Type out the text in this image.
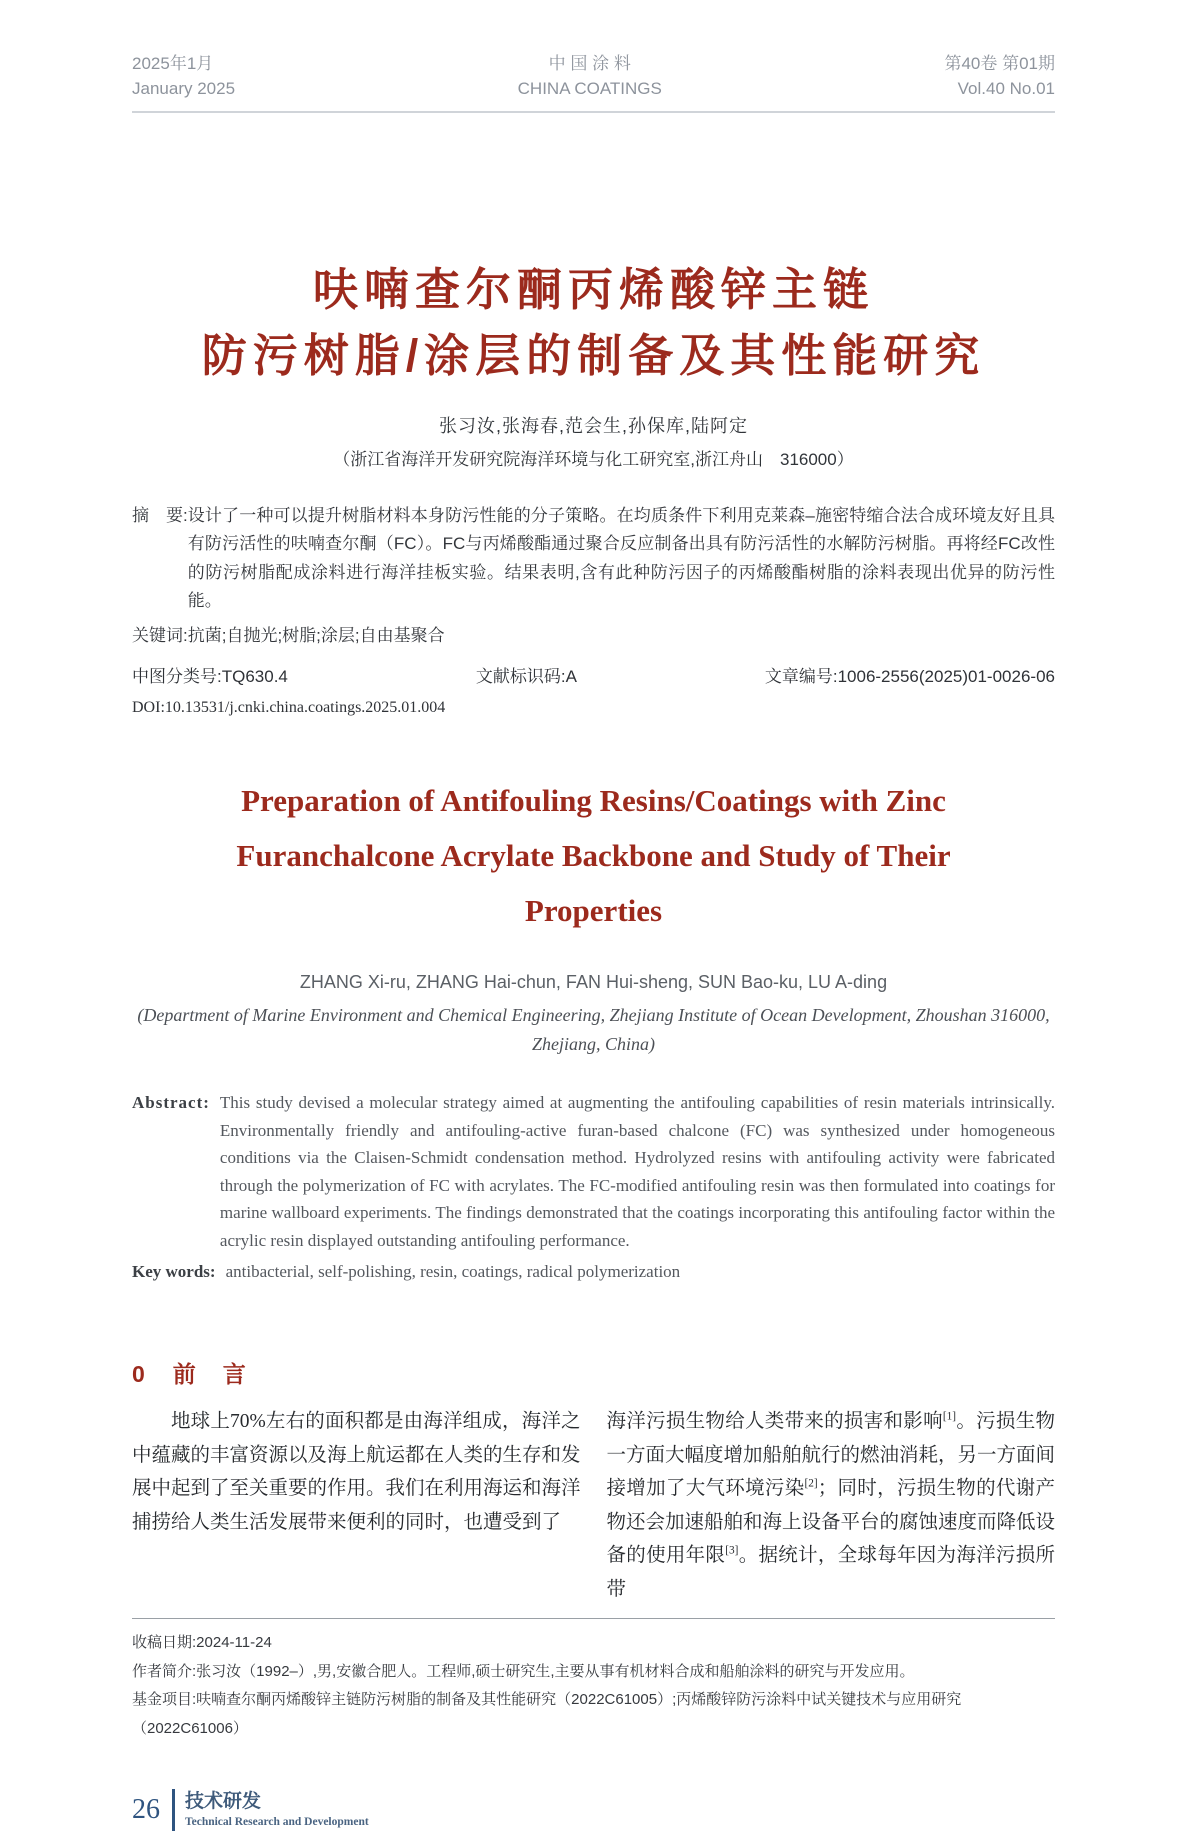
2025年1月
January 2025
中 国 涂 料
CHINA COATINGS
第40卷 第01期
Vol.40 No.01
呋喃查尔酮丙烯酸锌主链
防污树脂/涂层的制备及其性能研究
张习汝,张海春,范会生,孙保库,陆阿定
（浙江省海洋开发研究院海洋环境与化工研究室,浙江舟山　316000）
摘　要: 设计了一种可以提升树脂材料本身防污性能的分子策略。在均质条件下利用克莱森–施密特缩合法合成环境友好且具有防污活性的呋喃查尔酮（FC）。FC与丙烯酸酯通过聚合反应制备出具有防污活性的水解防污树脂。再将经FC改性的防污树脂配成涂料进行海洋挂板实验。结果表明,含有此种防污因子的丙烯酸酯树脂的涂料表现出优异的防污性能。
关键词: 抗菌;自抛光;树脂;涂层;自由基聚合
中图分类号:TQ630.4	文献标识码:A	文章编号:1006-2556(2025)01-0026-06
DOI:10.13531/j.cnki.china.coatings.2025.01.004
Preparation of Antifouling Resins/Coatings with Zinc Furanchalcone Acrylate Backbone and Study of Their Properties
ZHANG Xi-ru, ZHANG Hai-chun, FAN Hui-sheng, SUN Bao-ku, LU A-ding
(Department of Marine Environment and Chemical Engineering, Zhejiang Institute of Ocean Development, Zhoushan 316000, Zhejiang, China)
Abstract: This study devised a molecular strategy aimed at augmenting the antifouling capabilities of resin materials intrinsically. Environmentally friendly and antifouling-active furan-based chalcone (FC) was synthesized under homogeneous conditions via the Claisen-Schmidt condensation method. Hydrolyzed resins with antifouling activity were fabricated through the polymerization of FC with acrylates. The FC-modified antifouling resin was then formulated into coatings for marine wallboard experiments. The findings demonstrated that the coatings incorporating this antifouling factor within the acrylic resin displayed outstanding antifouling performance.
Key words: antibacterial, self-polishing, resin, coatings, radical polymerization
0 前　言
地球上70%左右的面积都是由海洋组成，海洋之中蕴藏的丰富资源以及海上航运都在人类的生存和发展中起到了至关重要的作用。我们在利用海运和海洋捕捞给人类生活发展带来便利的同时，也遭受到了
海洋污损生物给人类带来的损害和影响[1]。污损生物一方面大幅度增加船舶航行的燃油消耗，另一方面间接增加了大气环境污染[2]；同时，污损生物的代谢产物还会加速船舶和海上设备平台的腐蚀速度而降低设备的使用年限[3]。据统计，全球每年因为海洋污损所带
收稿日期:2024-11-24
作者简介:张习汝（1992–）,男,安徽合肥人。工程师,硕士研究生,主要从事有机材料合成和船舶涂料的研究与开发应用。
基金项目:呋喃查尔酮丙烯酸锌主链防污树脂的制备及其性能研究（2022C61005）;丙烯酸锌防污涂料中试关键技术与应用研究（2022C61006）
26 技术研发
Technical Research and Development
